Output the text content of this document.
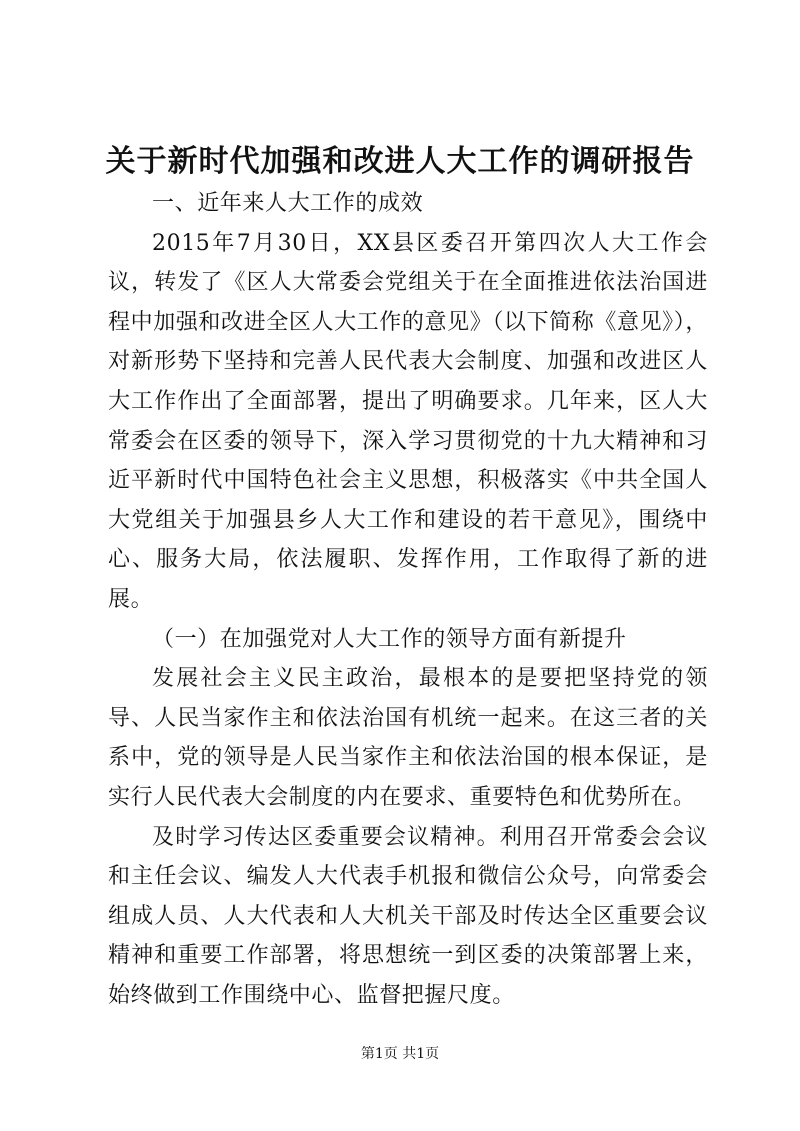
关于新时代加强和改进人大工作的调研报告

一、近年来人大工作的成效

2015年7月30日，XX县区委召开第四次人大工作会议，转发了《区人大常委会党组关于在全面推进依法治国进程中加强和改进全区人大工作的意见》（以下简称《意见》），对新形势下坚持和完善人民代表大会制度、加强和改进区人大工作作出了全面部署，提出了明确要求。几年来，区人大常委会在区委的领导下，深入学习贯彻党的十九大精神和习近平新时代中国特色社会主义思想，积极落实《中共全国人大党组关于加强县乡人大工作和建设的若干意见》，围绕中心、服务大局，依法履职、发挥作用，工作取得了新的进展。

（一）在加强党对人大工作的领导方面有新提升

发展社会主义民主政治，最根本的是要把坚持党的领导、人民当家作主和依法治国有机统一起来。在这三者的关系中，党的领导是人民当家作主和依法治国的根本保证，是实行人民代表大会制度的内在要求、重要特色和优势所在。

及时学习传达区委重要会议精神。利用召开常委会会议和主任会议、编发人大代表手机报和微信公众号，向常委会组成人员、人大代表和人大机关干部及时传达全区重要会议精神和重要工作部署，将思想统一到区委的决策部署上来，始终做到工作围绕中心、监督把握尺度。

第1页 共1页
